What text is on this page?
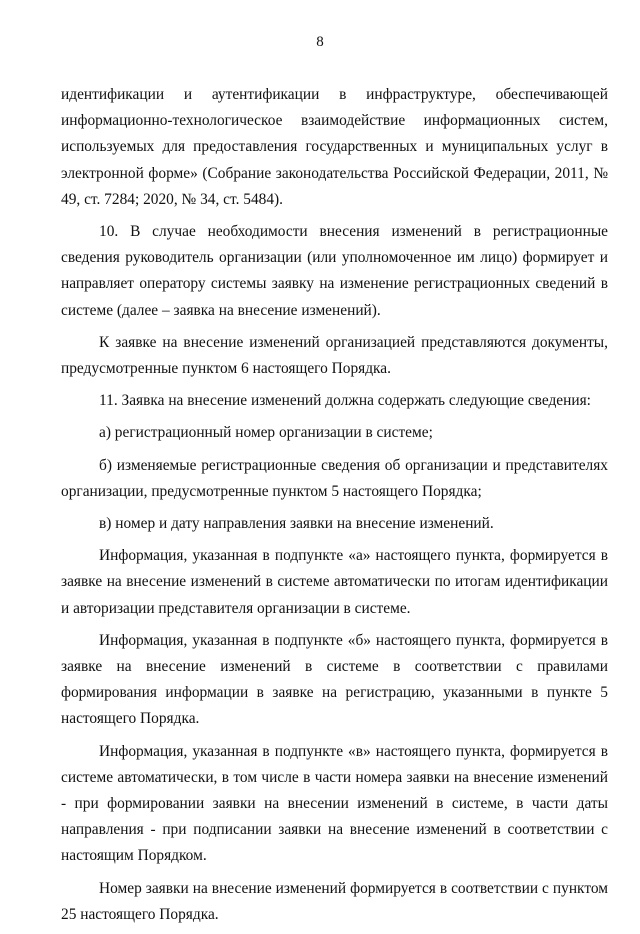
8

идентификации и аутентификации в инфраструктуре, обеспечивающей информационно-технологическое взаимодействие информационных систем, используемых для предоставления государственных и муниципальных услуг в электронной форме» (Собрание законодательства Российской Федерации, 2011, № 49, ст. 7284; 2020, № 34, ст. 5484).

10. В случае необходимости внесения изменений в регистрационные сведения руководитель организации (или уполномоченное им лицо) формирует и направляет оператору системы заявку на изменение регистрационных сведений в системе (далее – заявка на внесение изменений).

К заявке на внесение изменений организацией представляются документы, предусмотренные пунктом 6 настоящего Порядка.

11. Заявка на внесение изменений должна содержать следующие сведения:

а) регистрационный номер организации в системе;

б) изменяемые регистрационные сведения об организации и представителях организации, предусмотренные пунктом 5 настоящего Порядка;

в) номер и дату направления заявки на внесение изменений.

Информация, указанная в подпункте «а» настоящего пункта, формируется в заявке на внесение изменений в системе автоматически по итогам идентификации и авторизации представителя организации в системе.

Информация, указанная в подпункте «б» настоящего пункта, формируется в заявке на внесение изменений в системе в соответствии с правилами формирования информации в заявке на регистрацию, указанными в пункте 5 настоящего Порядка.

Информация, указанная в подпункте «в» настоящего пункта, формируется в системе автоматически, в том числе в части номера заявки на внесение изменений - при формировании заявки на внесении изменений в системе, в части даты направления - при подписании заявки на внесение изменений в соответствии с настоящим Порядком.

Номер заявки на внесение изменений формируется в соответствии с пунктом 25 настоящего Порядка.
